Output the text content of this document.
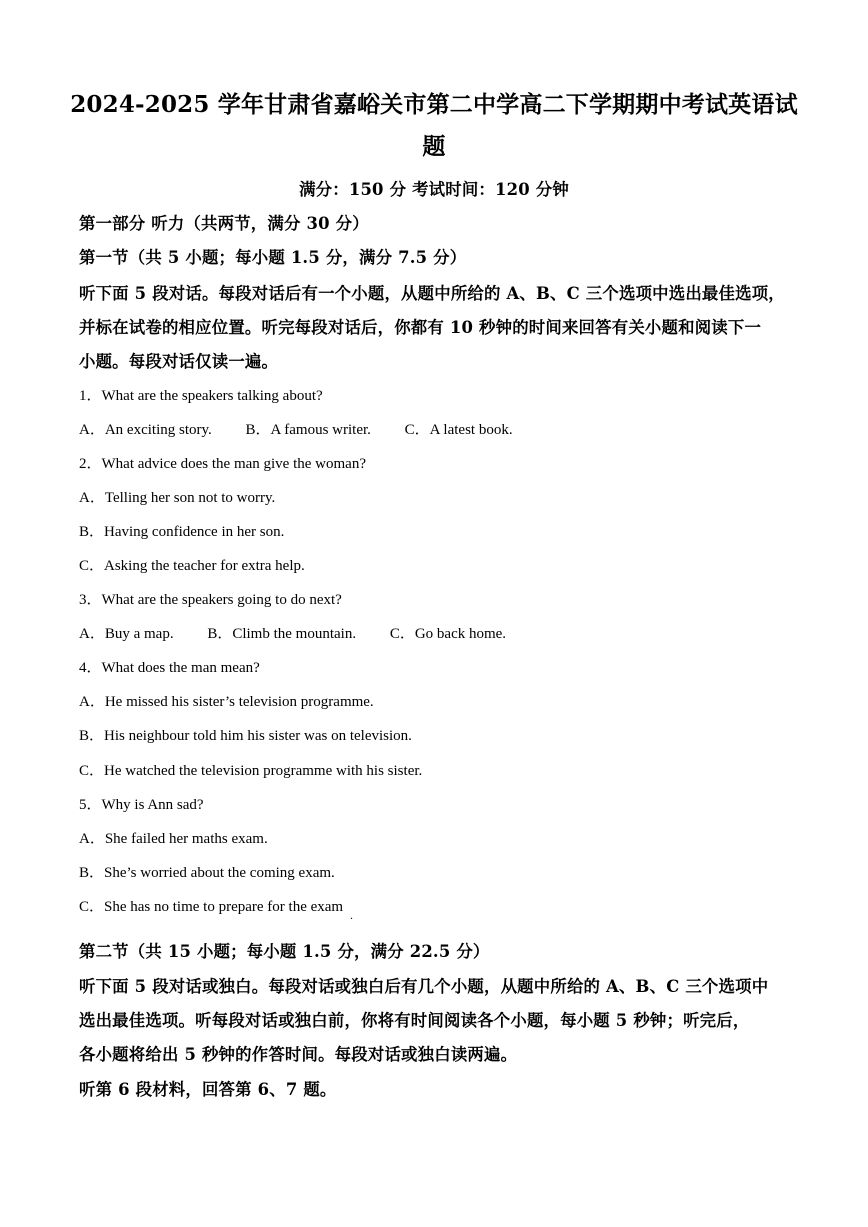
2024-2025 学年甘肃省嘉峪关市第二中学高二下学期期中考试英语试
题
满分：150 分 考试时间：120 分钟
第一部分 听力（共两节，满分 30 分）
第一节（共 5 小题；每小题 1.5 分，满分 7.5 分）
听下面 5 段对话。每段对话后有一个小题，从题中所给的 A、B、C 三个选项中选出最佳选项，
并标在试卷的相应位置。听完每段对话后，你都有 10 秒钟的时间来回答有关小题和阅读下一
小题。每段对话仅读一遍。
1．What are the speakers talking about?
A．An exciting story. B．A famous writer. C．A latest book.
2．What advice does the man give the woman?
A．Telling her son not to worry.
B．Having confidence in her son.
C．Asking the teacher for extra help.
3．What are the speakers going to do next?
A．Buy a map. B．Climb the mountain. C．Go back home.
4．What does the man mean?
A．He missed his sister’s television programme.
B．His neighbour told him his sister was on television.
C．He watched the television programme with his sister.
5．Why is Ann sad?
A．She failed her maths exam.
B．She’s worried about the coming exam.
C．She has no time to prepare for the exam .
第二节（共 15 小题；每小题 1.5 分，满分 22.5 分）
听下面 5 段对话或独白。每段对话或独白后有几个小题，从题中所给的 A、B、C 三个选项中
选出最佳选项。听每段对话或独白前，你将有时间阅读各个小题，每小题 5 秒钟；听完后，
各小题将给出 5 秒钟的作答时间。每段对话或独白读两遍。
听第 6 段材料，回答第 6、7 题。
